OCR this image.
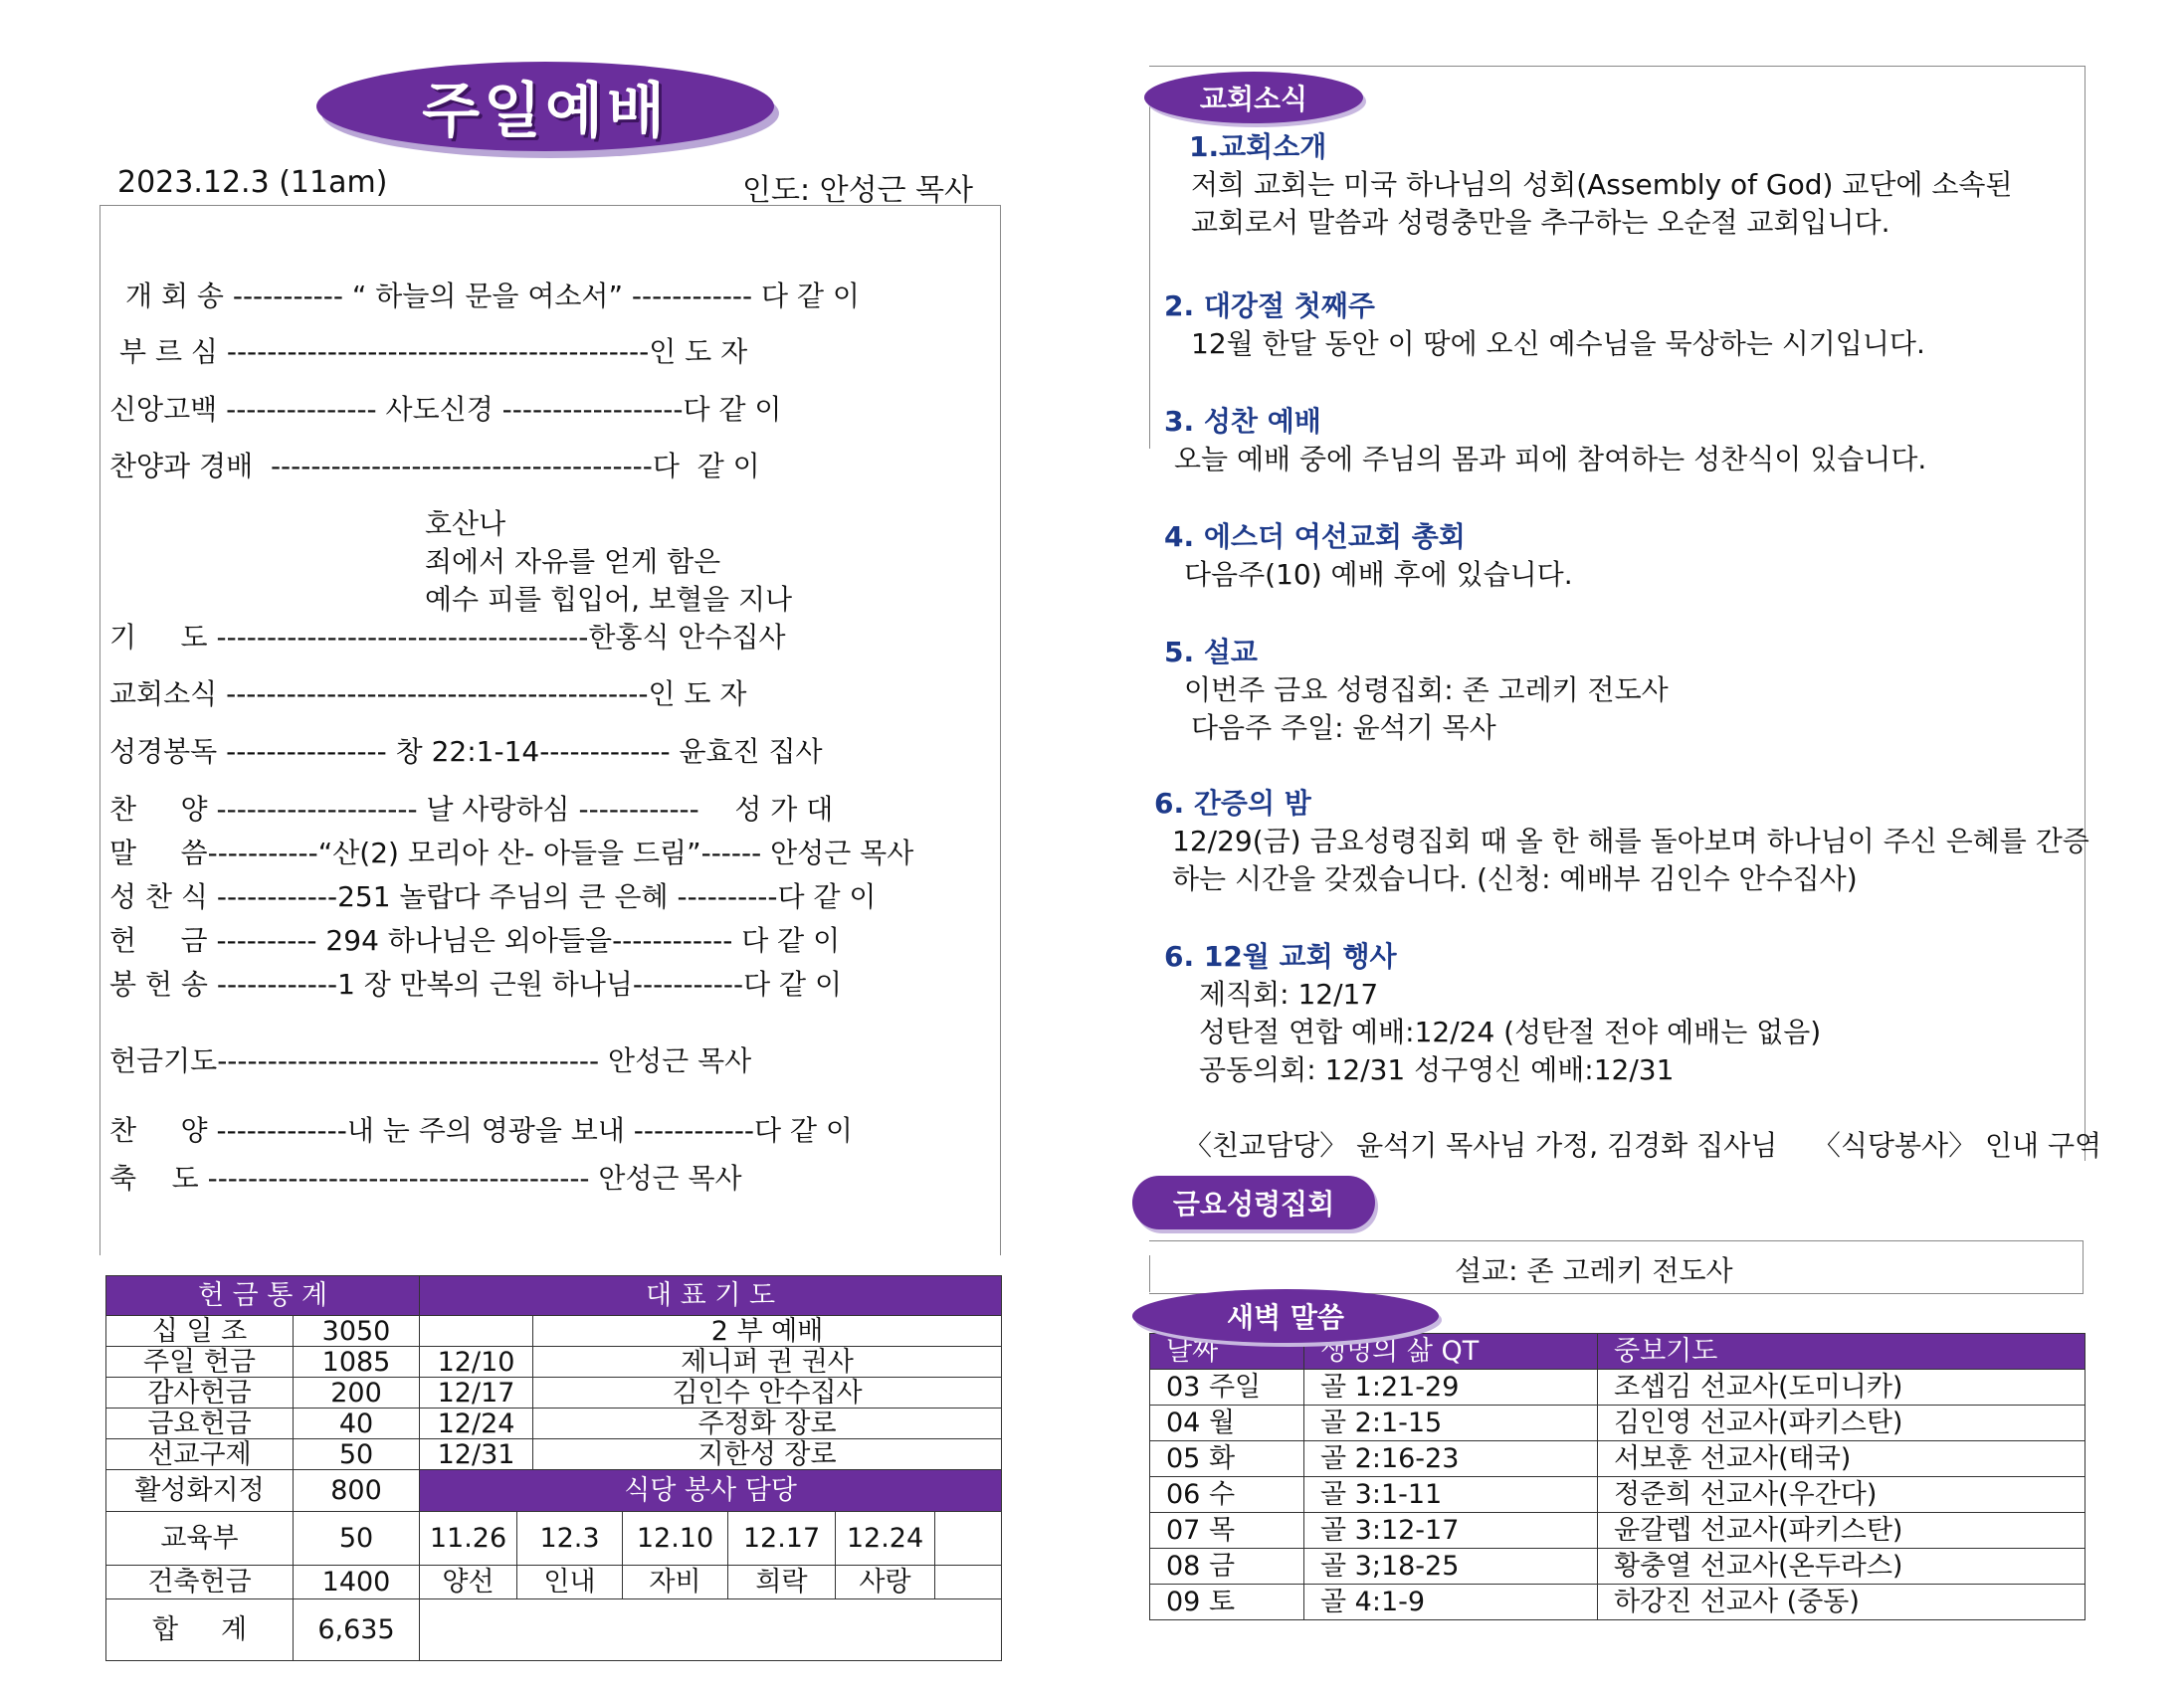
주일예배
2023.12.3 (11am)	인도: 안성근 목사
개 회 송 ----------- “ 하늘의 문을 여소서” ------------ 다 같 이
부 르 심 ------------------------------------------인 도 자
신앙고백 --------------- 사도신경 ------------------다 같 이
찬양과 경배  --------------------------------------다  같 이
호산나
죄에서 자유를 얻게 함은
예수 피를 힙입어, 보혈을 지나
기     도 -------------------------------------한홍식 안수집사
교회소식 ------------------------------------------인 도 자
성경봉독 ---------------- 창 22:1-14------------- 윤효진 집사
찬     양 -------------------- 날 사랑하심 ------------    성 가 대
말     씀-----------“산(2) 모리아 산- 아들을 드림”------ 안성근 목사
성 찬 식 ------------251 놀랍다 주님의 큰 은혜 ----------다 같 이
헌     금 ---------- 294 하나님은 외아들을------------ 다 같 이
봉 헌 송 ------------1 장 만복의 근원 하나님-----------다 같 이
헌금기도-------------------------------------- 안성근 목사
찬     양 -------------내 눈 주의 영광을 보내 ------------다 같 이
축    도 -------------------------------------- 안성근 목사
헌 금 통 계		대 표 기 도						
십 일 조	3050			2 부 예배				
주일 헌금	1085	12/10		제니퍼 권 권사				
감사헌금	200	12/17		김인수 안수집사				
금요헌금	40	12/24		주정화 장로				
선교구제	50	12/31		지한성 장로				
활성화지정	800	식당 봉사 담당						
교육부	50	11.26	12.3		12.10	12.17	12.24	
건축헌금	1400	양선	인내		자비	희락	사랑	
합     계	6,635							
교회소식
1.교회소개
저희 교회는 미국 하나님의 성회(Assembly of God) 교단에 소속된
교회로서 말씀과 성령충만을 추구하는 오순절 교회입니다.
2. 대강절 첫째주
12월 한달 동안 이 땅에 오신 예수님을 묵상하는 시기입니다.
3. 성찬 예배
오늘 예배 중에 주님의 몸과 피에 참여하는 성찬식이 있습니다.
4. 에스더 여선교회 총회
다음주(10) 예배 후에 있습니다.
5. 설교
이번주 금요 성령집회: 존 고레키 전도사
다음주 주일: 윤석기 목사
6. 간증의 밤
12/29(금) 금요성령집회 때 올 한 해를 돌아보며 하나님이 주신 은혜를 간증
하는 시간을 갖겠습니다. (신청: 예배부 김인수 안수집사)
6. 12월 교회 행사
제직회: 12/17
성탄절 연합 예배:12/24 (성탄절 전야 예배는 없음)
공동의회: 12/31 성구영신 예배:12/31
〈친교담당〉 윤석기 목사님 가정, 김경화 집사님    〈식당봉사〉 인내 구역
금요성령집회
설교: 존 고레키 전도사
날짜	생명의 삶 QT	중보기도
03 주일	골 1:21-29	조셉김 선교사(도미니카)
04 월	골 2:1-15	김인영 선교사(파키스탄)
05 화	골 2:16-23	서보훈 선교사(태국)
06 수	골 3:1-11	정준희 선교사(우간다)
07 목	골 3:12-17	윤갈렙 선교사(파키스탄)
08 금	골 3;18-25	황충열 선교사(온두라스)
09 토	골 4:1-9	하강진 선교사 (중동)
새벽 말씀
